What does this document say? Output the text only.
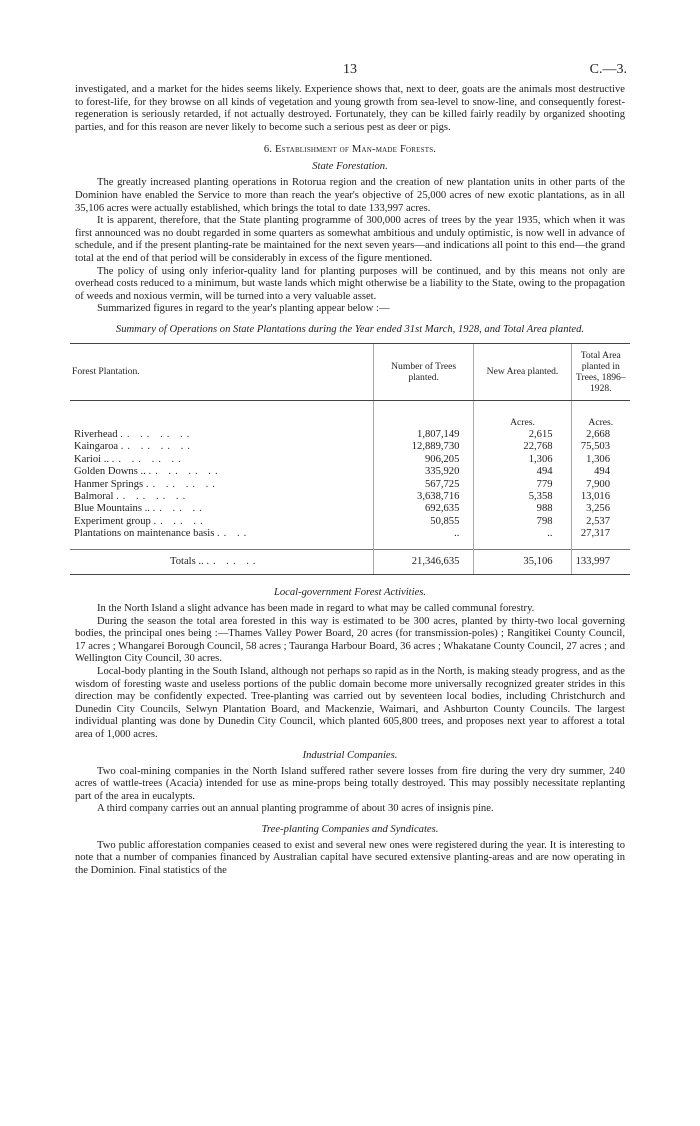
13	C.—3.

investigated, and a market for the hides seems likely. Experience shows that, next to deer, goats are the animals most destructive to forest-life, for they browse on all kinds of vegetation and young growth from sea-level to snow-line, and consequently forest-regeneration is seriously retarded, if not actually destroyed. Fortunately, they can be killed fairly readily by organized shooting parties, and for this reason are never likely to become such a serious pest as deer or pigs.

6. Establishment of Man-made Forests.
State Forestation.

The greatly increased planting operations in Rotorua region and the creation of new plantation units in other parts of the Dominion have enabled the Service to more than reach the year's objective of 25,000 acres of new exotic plantations, as in all 35,106 acres were actually established, which brings the total to date 133,997 acres.

It is apparent, therefore, that the State planting programme of 300,000 acres of trees by the year 1935, which when it was first announced was no doubt regarded in some quarters as somewhat ambitious and unduly optimistic, is now well in advance of schedule, and if the present planting-rate be maintained for the next seven years—and indications all point to this end—the grand total at the end of that period will be considerably in excess of the figure mentioned.

The policy of using only inferior-quality land for planting purposes will be continued, and by this means not only are overhead costs reduced to a minimum, but waste lands which might otherwise be a liability to the State, owing to the propagation of weeds and noxious vermin, will be turned into a very valuable asset.

Summarized figures in regard to the year's planting appear below :—

Summary of Operations on State Plantations during the Year ended 31st March, 1928, and Total Area planted.
Forest Plantation.	Number of Trees planted.	New Area planted.	Total Area planted in Trees, 1896–1928.
		Acres.	Acres.
Riverhead .. .. .. ..	1,807,149	2,615	2,668
Kaingaroa .. .. .. ..	12,889,730	22,768	75,503
Karioi .. .. .. .. ..	906,205	1,306	1,306
Golden Downs .. .. .. .. ..	335,920	494	494
Hanmer Springs .. .. .. ..	567,725	779	7,900
Balmoral .. .. .. ..	3,638,716	5,358	13,016
Blue Mountains .. .. .. ..	692,635	988	3,256
Experiment group .. .. ..	50,855	798	2,537
Plantations on maintenance basis .. ..	..	..	27,317
Totals .. .. .. ..	21,346,635	35,106	133,997
Local-government Forest Activities.

In the North Island a slight advance has been made in regard to what may be called communal forestry.

During the season the total area forested in this way is estimated to be 300 acres, planted by thirty-two local governing bodies, the principal ones being :—Thames Valley Power Board, 20 acres (for transmission-poles) ; Rangitikei County Council, 17 acres ; Whangarei Borough Council, 58 acres ; Tauranga Harbour Board, 36 acres ; Whakatane County Council, 27 acres ; and Wellington City Council, 30 acres.

Local-body planting in the South Island, although not perhaps so rapid as in the North, is making steady progress, and as the wisdom of foresting waste and useless portions of the public domain become more universally recognized greater strides in this direction may be confidently expected. Tree-planting was carried out by seventeen local bodies, including Christchurch and Dunedin City Councils, Selwyn Plantation Board, and Mackenzie, Waimari, and Ashburton County Councils. The largest individual planting was done by Dunedin City Council, which planted 605,800 trees, and proposes next year to afforest a total area of 1,000 acres.

Industrial Companies.

Two coal-mining companies in the North Island suffered rather severe losses from fire during the very dry summer, 240 acres of wattle-trees (Acacia) intended for use as mine-props being totally destroyed. This may possibly necessitate replanting part of the area in eucalypts.

A third company carries out an annual planting programme of about 30 acres of insignis pine.

Tree-planting Companies and Syndicates.

Two public afforestation companies ceased to exist and several new ones were registered during the year. It is interesting to note that a number of companies financed by Australian capital have secured extensive planting-areas and are now operating in the Dominion. Final statistics of the
